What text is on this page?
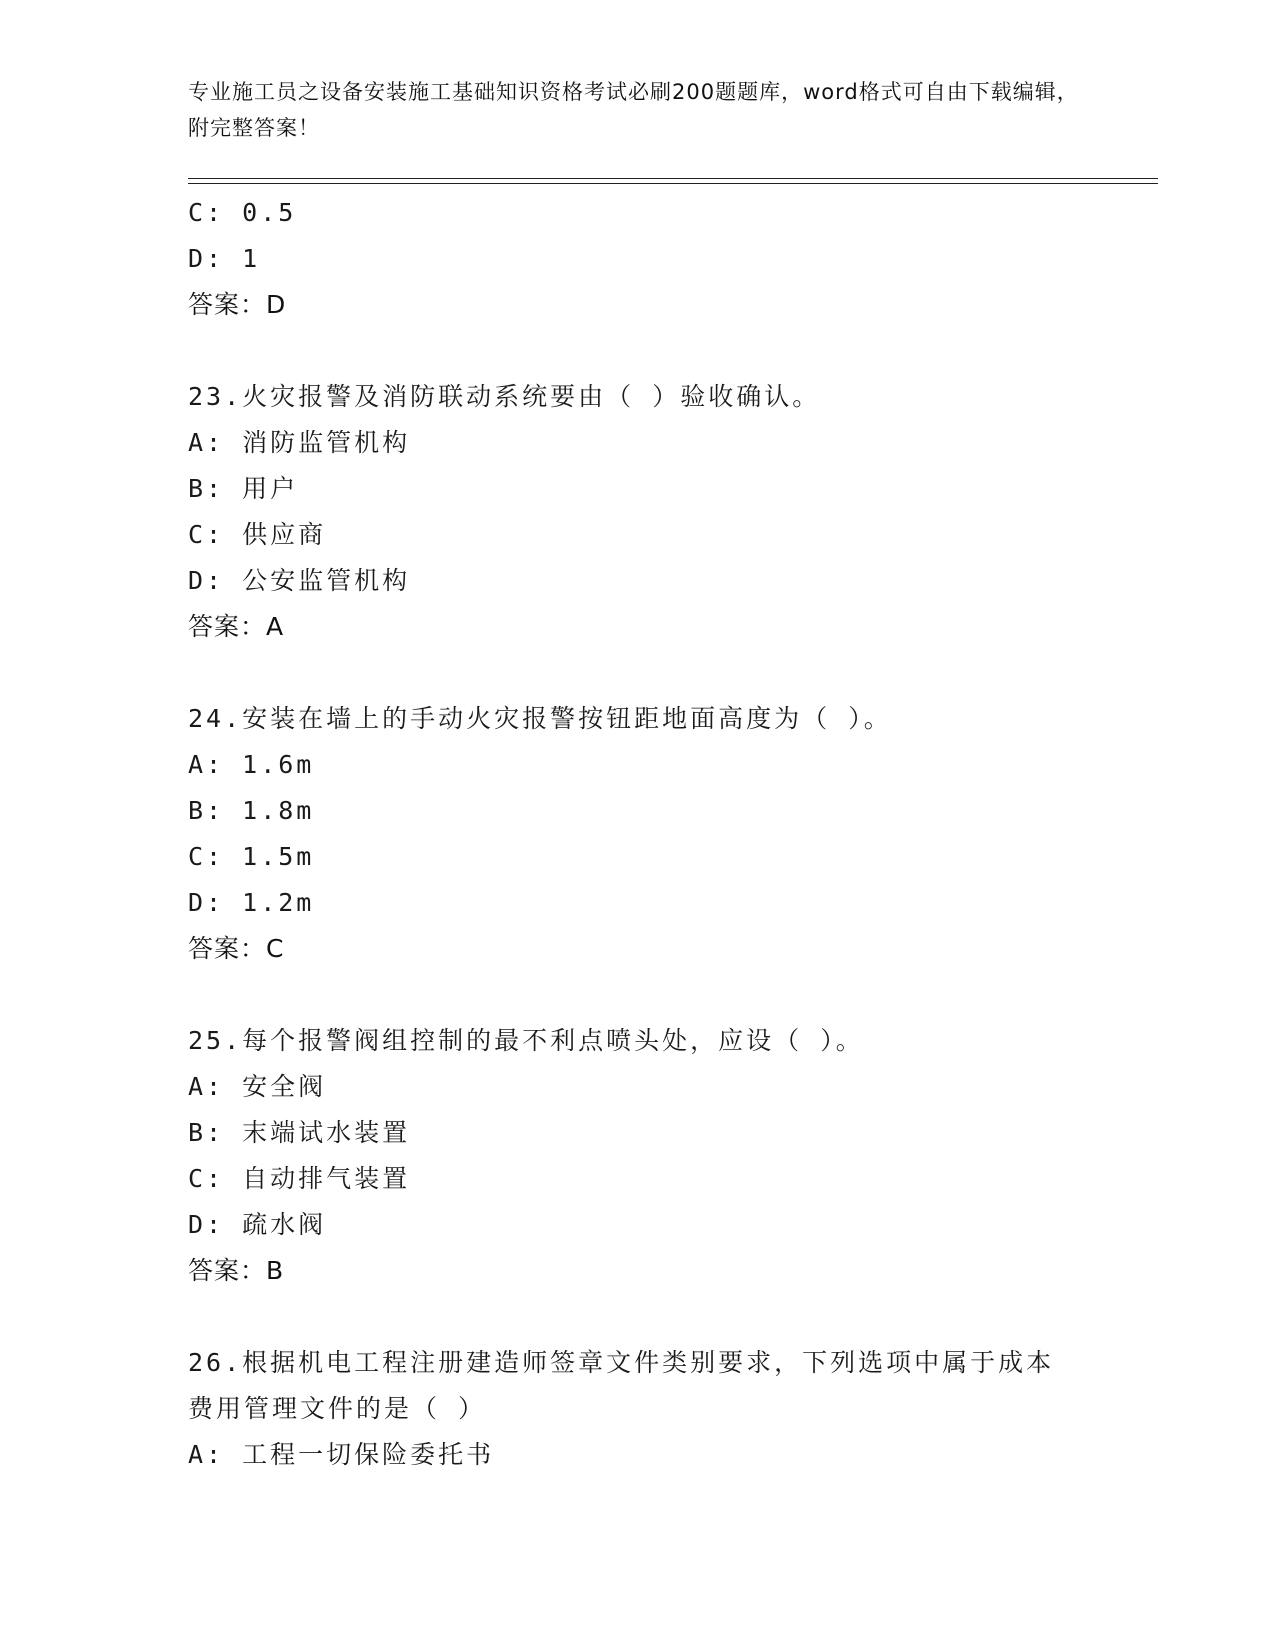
专业施工员之设备安装施工基础知识资格考试必刷200题题库，word格式可自由下载编辑，附完整答案！
C: 0.5
D: 1
答案：D
23.火灾报警及消防联动系统要由（ ）验收确认。
A: 消防监管机构
B: 用户
C: 供应商
D: 公安监管机构
答案：A
24.安装在墙上的手动火灾报警按钮距地面高度为（ ）。
A: 1.6m
B: 1.8m
C: 1.5m
D: 1.2m
答案：C
25.每个报警阀组控制的最不利点喷头处，应设（ ）。
A: 安全阀
B: 末端试水装置
C: 自动排气装置
D: 疏水阀
答案：B
26.根据机电工程注册建造师签章文件类别要求，下列选项中属于成本费用管理文件的是（ ）
A: 工程一切保险委托书
